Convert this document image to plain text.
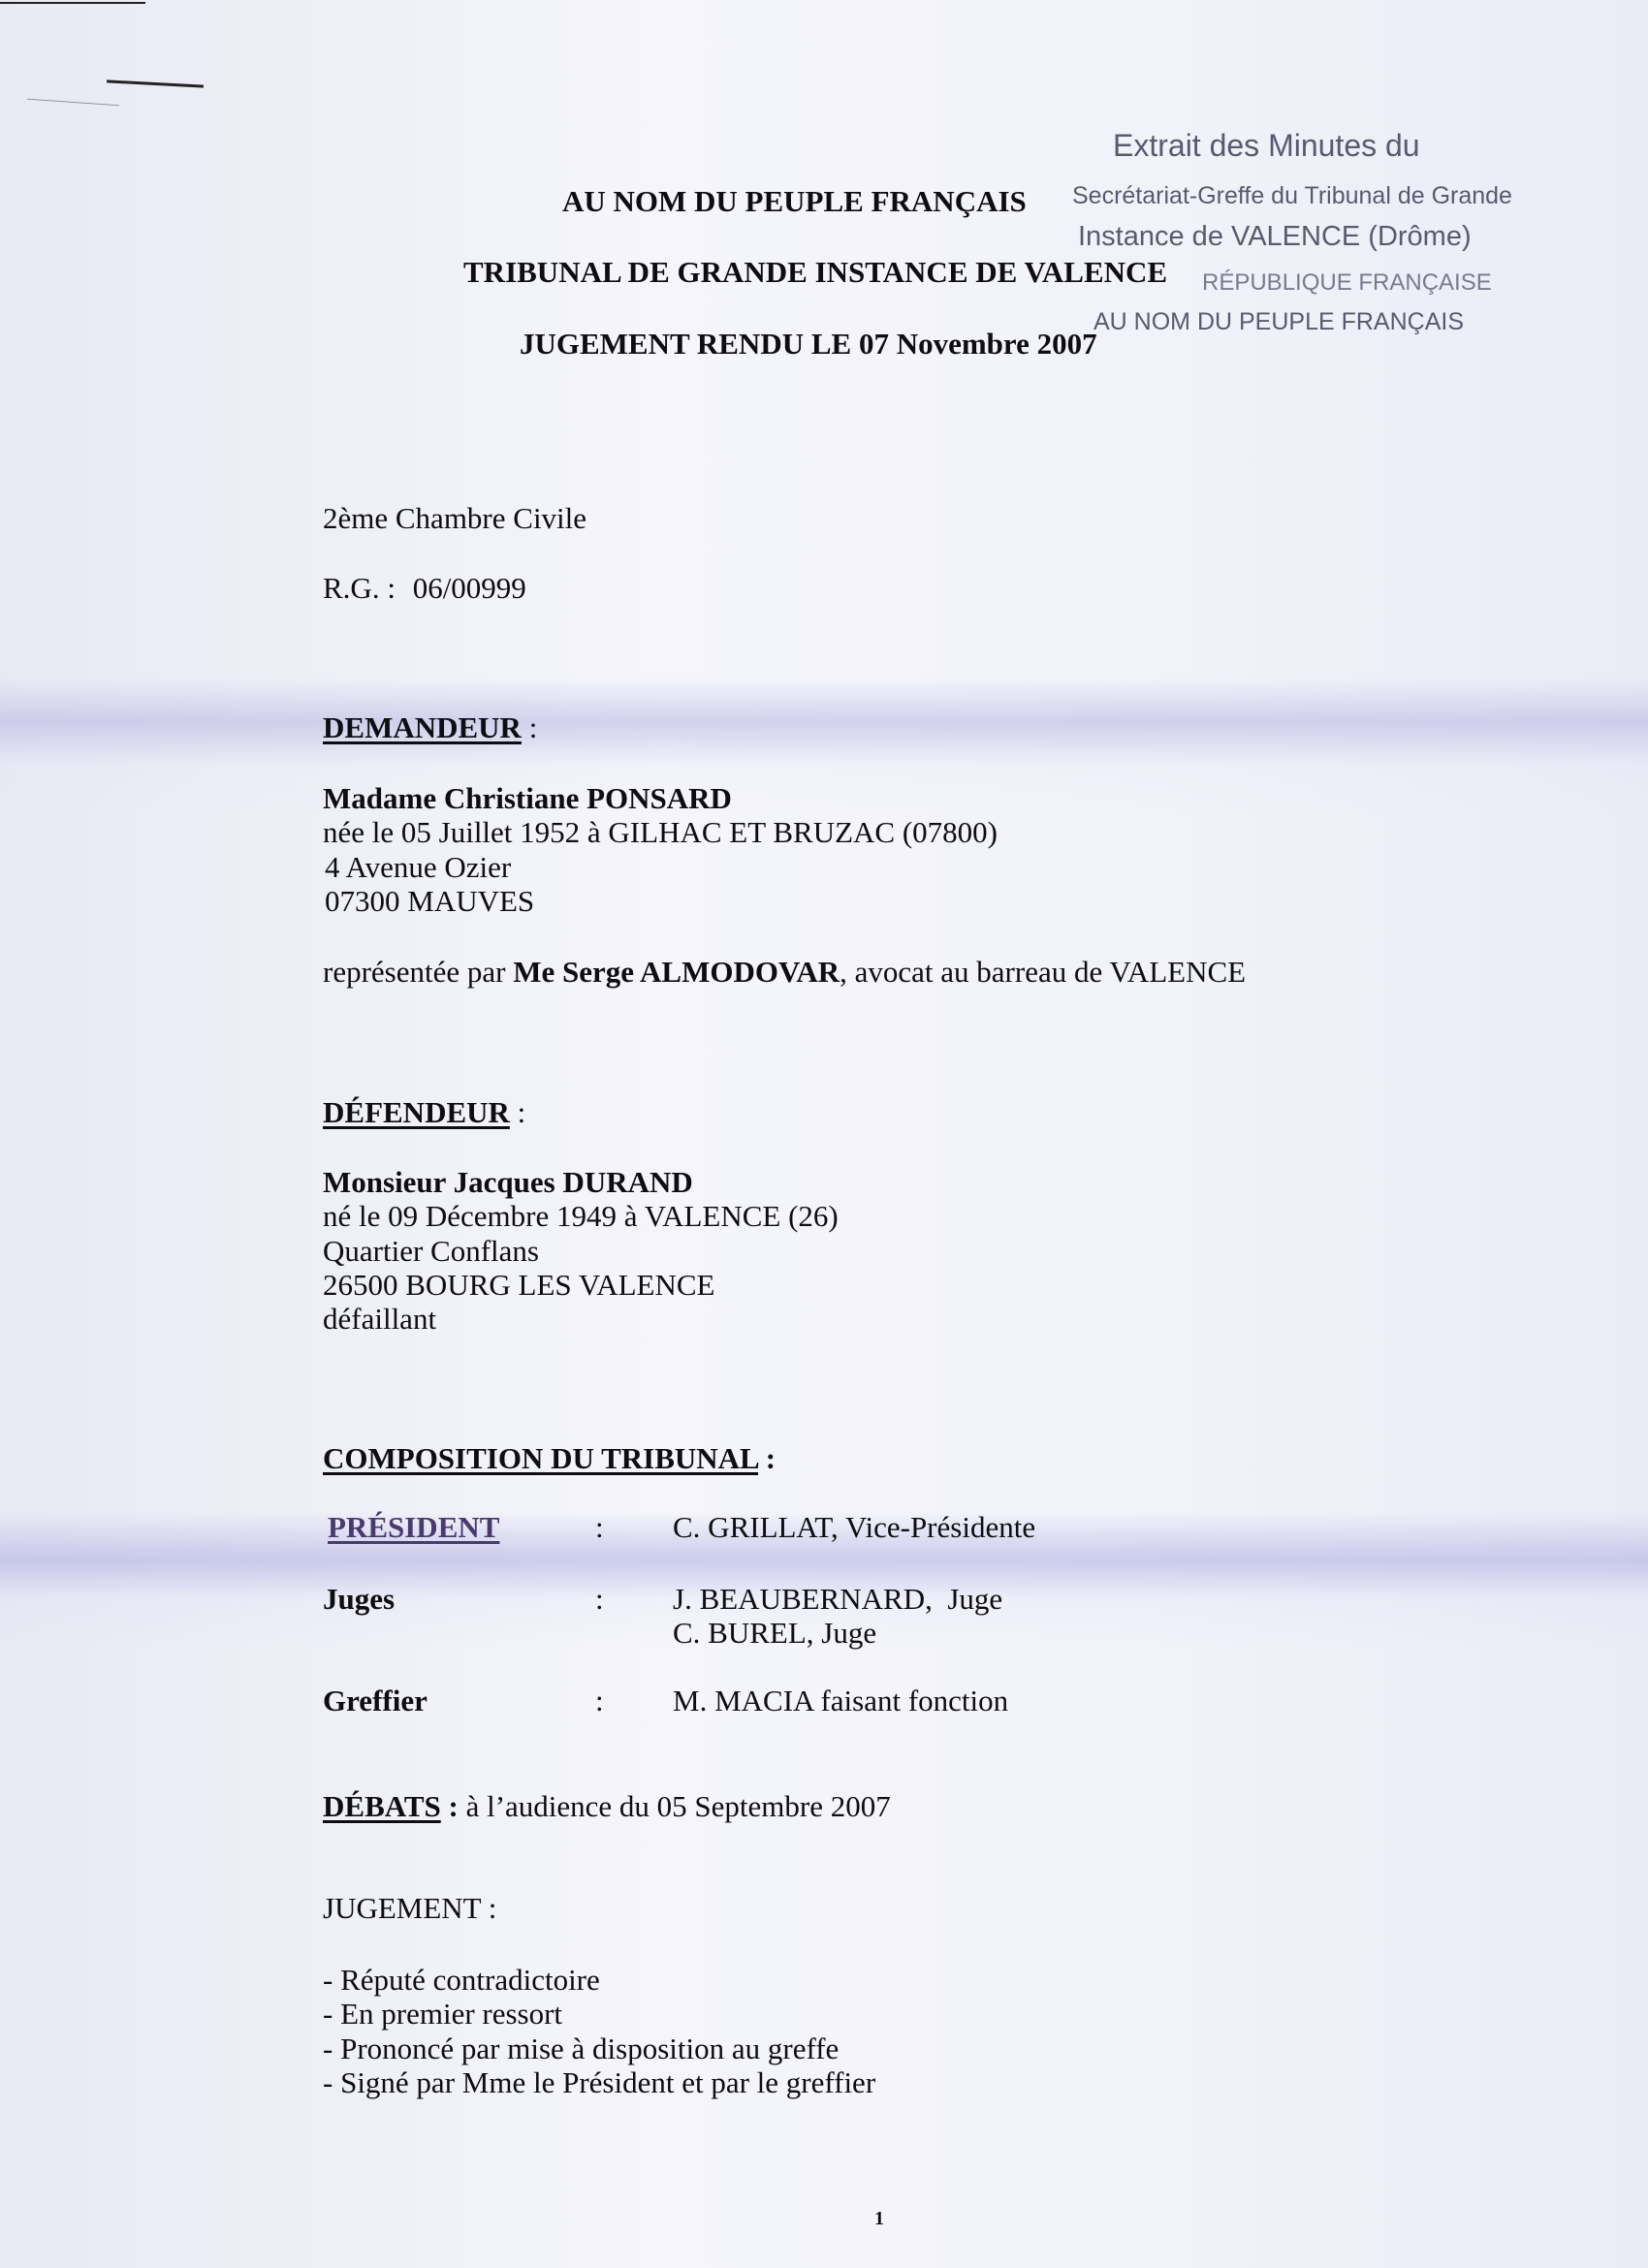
Extrait des Minutes du
Secrétariat-Greffe du Tribunal de Grande
Instance de VALENCE (Drôme)
RÉPUBLIQUE FRANÇAISE
AU NOM DU PEUPLE FRANÇAIS
AU NOM DU PEUPLE FRANÇAIS
TRIBUNAL DE GRANDE INSTANCE DE VALENCE
JUGEMENT RENDU LE 07 Novembre 2007
2ème Chambre Civile
R.G. : 06/00999
DEMANDEUR :
Madame Christiane PONSARD
née le 05 Juillet 1952 à GILHAC ET BRUZAC (07800)
4 Avenue Ozier
07300 MAUVES
représentée par Me Serge ALMODOVAR, avocat au barreau de VALENCE
DÉFENDEUR :
Monsieur Jacques DURAND
né le 09 Décembre 1949 à VALENCE (26)
Quartier Conflans
26500 BOURG LES VALENCE
défaillant
COMPOSITION DU TRIBUNAL :
PRÉSIDENT	: C. GRILLAT, Vice-Présidente
Juges	: J. BEAUBERNARD,  Juge
C. BUREL, Juge
Greffier	: M. MACIA faisant fonction
DÉBATS : à l’audience du 05 Septembre 2007
JUGEMENT :
- Réputé contradictoire
- En premier ressort
- Prononcé par mise à disposition au greffe
- Signé par Mme le Président et par le greffier
1
